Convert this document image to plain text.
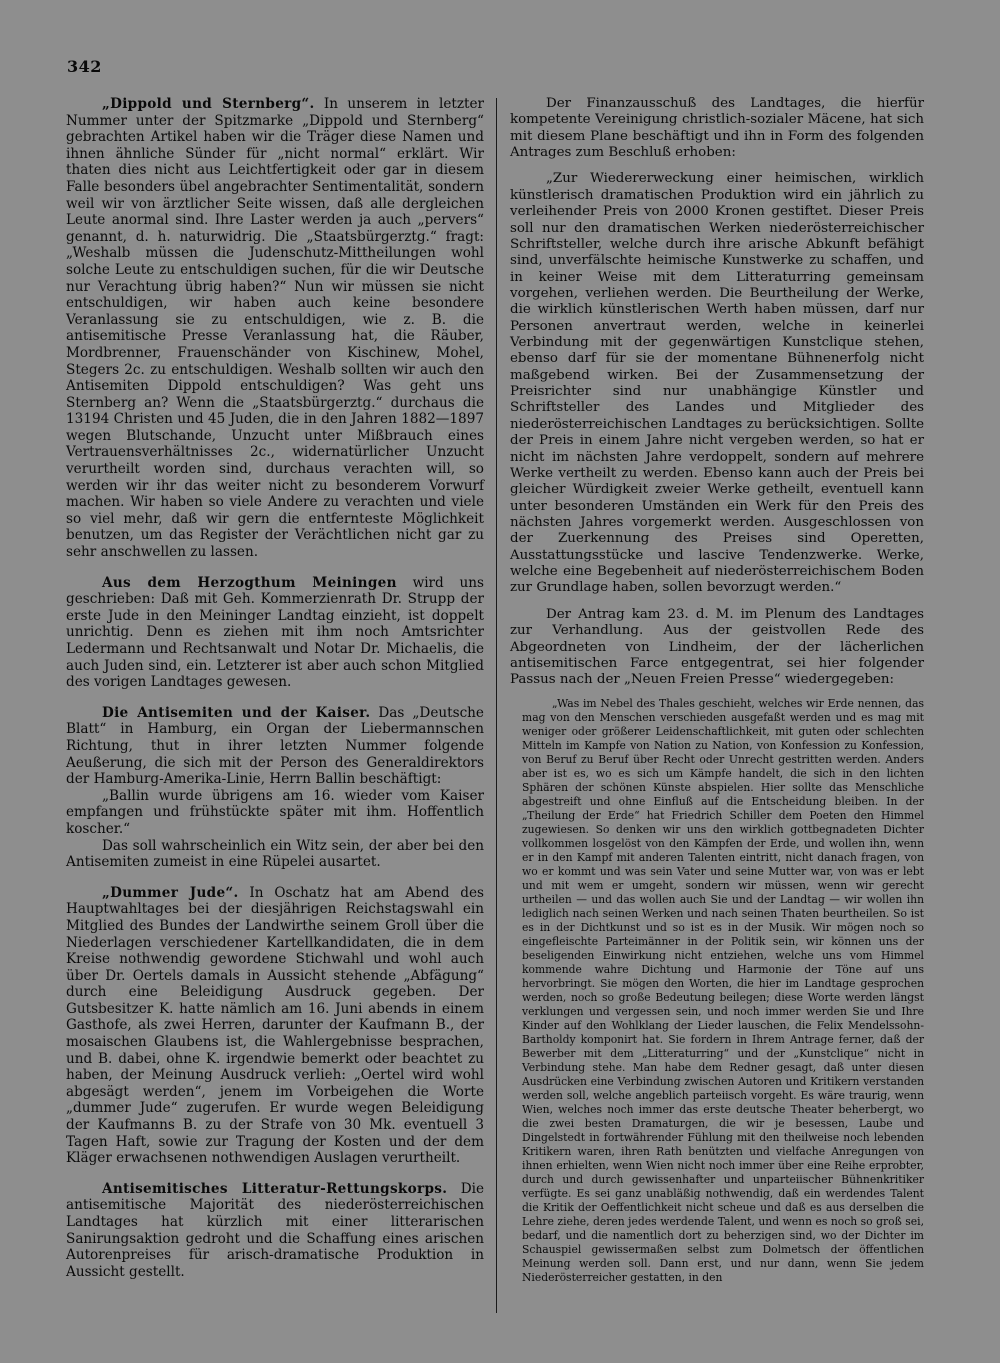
342

„Dippold und Sternberg“. In unserem in letzter Nummer unter der Spitzmarke „Dippold und Sternberg“ gebrachten Artikel haben wir die Träger diese Namen und ihnen ähnliche Sünder für „nicht normal“ erklärt. Wir thaten dies nicht aus Leichtfertigkeit oder gar in diesem Falle besonders übel angebrachter Sentimentalität, sondern weil wir von ärztlicher Seite wissen, daß alle dergleichen Leute anormal sind. Ihre Laster werden ja auch „pervers“ genannt, d. h. naturwidrig. Die „Staatsbürgerztg.“ fragt: „Weshalb müssen die Judenschutz-Mittheilungen wohl solche Leute zu entschuldigen suchen, für die wir Deutsche nur Verachtung übrig haben?“ Nun wir müssen sie nicht entschuldigen, wir haben auch keine besondere Veranlassung sie zu entschuldigen, wie z. B. die antisemitische Presse Veranlassung hat, die Räuber, Mordbrenner, Frauenschänder von Kischinew, Mohel, Stegers 2c. zu entschuldigen. Weshalb sollten wir auch den Antisemiten Dippold entschuldigen? Was geht uns Sternberg an? Wenn die „Staatsbürgerztg.“ durchaus die 13194 Christen und 45 Juden, die in den Jahren 1882—1897 wegen Blutschande, Unzucht unter Mißbrauch eines Vertrauensverhältnisses 2c., widernatürlicher Unzucht verurtheilt worden sind, durchaus verachten will, so werden wir ihr das weiter nicht zu besonderem Vorwurf machen. Wir haben so viele Andere zu verachten und viele so viel mehr, daß wir gern die entfernteste Möglichkeit benutzen, um das Register der Verächtlichen nicht gar zu sehr anschwellen zu lassen.

Aus dem Herzogthum Meiningen wird uns geschrieben: Daß mit Geh. Kommerzienrath Dr. Strupp der erste Jude in den Meininger Landtag einzieht, ist doppelt unrichtig. Denn es ziehen mit ihm noch Amtsrichter Ledermann und Rechtsanwalt und Notar Dr. Michaelis, die auch Juden sind, ein. Letzterer ist aber auch schon Mitglied des vorigen Landtages gewesen.

Die Antisemiten und der Kaiser. Das „Deutsche Blatt“ in Hamburg, ein Organ der Liebermannschen Richtung, thut in ihrer letzten Nummer folgende Aeußerung, die sich mit der Person des Generaldirektors der Hamburg-Amerika-Linie, Herrn Ballin beschäftigt:

„Ballin wurde übrigens am 16. wieder vom Kaiser empfangen und frühstückte später mit ihm. Hoffentlich koscher.“

Das soll wahrscheinlich ein Witz sein, der aber bei den Antisemiten zumeist in eine Rüpelei ausartet.

„Dummer Jude“. In Oschatz hat am Abend des Hauptwahltages bei der diesjährigen Reichstagswahl ein Mitglied des Bundes der Landwirthe seinem Groll über die Niederlagen verschiedener Kartellkandidaten, die in dem Kreise nothwendig gewordene Stichwahl und wohl auch über Dr. Oertels damals in Aussicht stehende „Abfägung“ durch eine Beleidigung Ausdruck gegeben. Der Gutsbesitzer K. hatte nämlich am 16. Juni abends in einem Gasthofe, als zwei Herren, darunter der Kaufmann B., der mosaischen Glaubens ist, die Wahlergebnisse besprachen, und B. dabei, ohne K. irgendwie bemerkt oder beachtet zu haben, der Meinung Ausdruck verlieh: „Oertel wird wohl abgesägt werden“, jenem im Vorbeigehen die Worte „dummer Jude“ zugerufen. Er wurde wegen Beleidigung der Kaufmanns B. zu der Strafe von 30 Mk. eventuell 3 Tagen Haft, sowie zur Tragung der Kosten und der dem Kläger erwachsenen nothwendigen Auslagen verurtheilt.

Antisemitisches Litteratur-Rettungskorps. Die antisemitische Majorität des niederösterreichischen Landtages hat kürzlich mit einer litterarischen Sanirungsaktion gedroht und die Schaffung eines arischen Autorenpreises für arisch-dramatische Produktion in Aussicht gestellt.

Der Finanzausschuß des Landtages, die hierfür kompetente Vereinigung christlich-sozialer Mäcene, hat sich mit diesem Plane beschäftigt und ihn in Form des folgenden Antrages zum Beschluß erhoben:

„Zur Wiedererweckung einer heimischen, wirklich künstlerisch dramatischen Produktion wird ein jährlich zu verleihender Preis von 2000 Kronen gestiftet. Dieser Preis soll nur den dramatischen Werken niederösterreichischer Schriftsteller, welche durch ihre arische Abkunft befähigt sind, unverfälschte heimische Kunstwerke zu schaffen, und in keiner Weise mit dem Litteraturring gemeinsam vorgehen, verliehen werden. Die Beurtheilung der Werke, die wirklich künstlerischen Werth haben müssen, darf nur Personen anvertraut werden, welche in keinerlei Verbindung mit der gegenwärtigen Kunstclique stehen, ebenso darf für sie der momentane Bühnenerfolg nicht maßgebend wirken. Bei der Zusammensetzung der Preisrichter sind nur unabhängige Künstler und Schriftsteller des Landes und Mitglieder des niederösterreichischen Landtages zu berücksichtigen. Sollte der Preis in einem Jahre nicht vergeben werden, so hat er nicht im nächsten Jahre verdoppelt, sondern auf mehrere Werke vertheilt zu werden. Ebenso kann auch der Preis bei gleicher Würdigkeit zweier Werke getheilt, eventuell kann unter besonderen Umständen ein Werk für den Preis des nächsten Jahres vorgemerkt werden. Ausgeschlossen von der Zuerkennung des Preises sind Operetten, Ausstattungsstücke und lascive Tendenzwerke. Werke, welche eine Begebenheit auf niederösterreichischem Boden zur Grundlage haben, sollen bevorzugt werden.“

Der Antrag kam 23. d. M. im Plenum des Landtages zur Verhandlung. Aus der geistvollen Rede des Abgeordneten von Lindheim, der der lächerlichen antisemitischen Farce entgegentrat, sei hier folgender Passus nach der „Neuen Freien Presse“ wiedergegeben:

„Was im Nebel des Thales geschieht, welches wir Erde nennen, das mag von den Menschen verschieden ausgefaßt werden und es mag mit weniger oder größerer Leidenschaftlichkeit, mit guten oder schlechten Mitteln im Kampfe von Nation zu Nation, von Konfession zu Konfession, von Beruf zu Beruf über Recht oder Unrecht gestritten werden. Anders aber ist es, wo es sich um Kämpfe handelt, die sich in den lichten Sphären der schönen Künste abspielen. Hier sollte das Menschliche abgestreift und ohne Einfluß auf die Entscheidung bleiben. In der „Theilung der Erde“ hat Friedrich Schiller dem Poeten den Himmel zugewiesen. So denken wir uns den wirklich gottbegnadeten Dichter vollkommen losgelöst von den Kämpfen der Erde, und wollen ihn, wenn er in den Kampf mit anderen Talenten eintritt, nicht danach fragen, von wo er kommt und was sein Vater und seine Mutter war, von was er lebt und mit wem er umgeht, sondern wir müssen, wenn wir gerecht urtheilen — und das wollen auch Sie und der Landtag — wir wollen ihn lediglich nach seinen Werken und nach seinen Thaten beurtheilen. So ist es in der Dichtkunst und so ist es in der Musik. Wir mögen noch so eingefleischte Parteimänner in der Politik sein, wir können uns der beseligenden Einwirkung nicht entziehen, welche uns vom Himmel kommende wahre Dichtung und Harmonie der Töne auf uns hervorbringt. Sie mögen den Worten, die hier im Landtage gesprochen werden, noch so große Bedeutung beilegen; diese Worte werden längst verklungen und vergessen sein, und noch immer werden Sie und Ihre Kinder auf den Wohlklang der Lieder lauschen, die Felix Mendelssohn-Bartholdy komponirt hat. Sie fordern in Ihrem Antrage ferner, daß der Bewerber mit dem „Litteraturring“ und der „Kunstclique“ nicht in Verbindung stehe. Man habe dem Redner gesagt, daß unter diesen Ausdrücken eine Verbindung zwischen Autoren und Kritikern verstanden werden soll, welche angeblich parteiisch vorgeht. Es wäre traurig, wenn Wien, welches noch immer das erste deutsche Theater beherbergt, wo die zwei besten Dramaturgen, die wir je besessen, Laube und Dingelstedt in fortwährender Fühlung mit den theilweise noch lebenden Kritikern waren, ihren Rath benützten und vielfache Anregungen von ihnen erhielten, wenn Wien nicht noch immer über eine Reihe erprobter, durch und durch gewissenhafter und unparteiischer Bühnenkritiker verfügte. Es sei ganz unabläßig nothwendig, daß ein werdendes Talent die Kritik der Oeffentlichkeit nicht scheue und daß es aus derselben die Lehre ziehe, deren jedes werdende Talent, und wenn es noch so groß sei, bedarf, und die namentlich dort zu beherzigen sind, wo der Dichter im Schauspiel gewissermaßen selbst zum Dolmetsch der öffentlichen Meinung werden soll. Dann erst, und nur dann, wenn Sie jedem Niederösterreicher gestatten, in den
